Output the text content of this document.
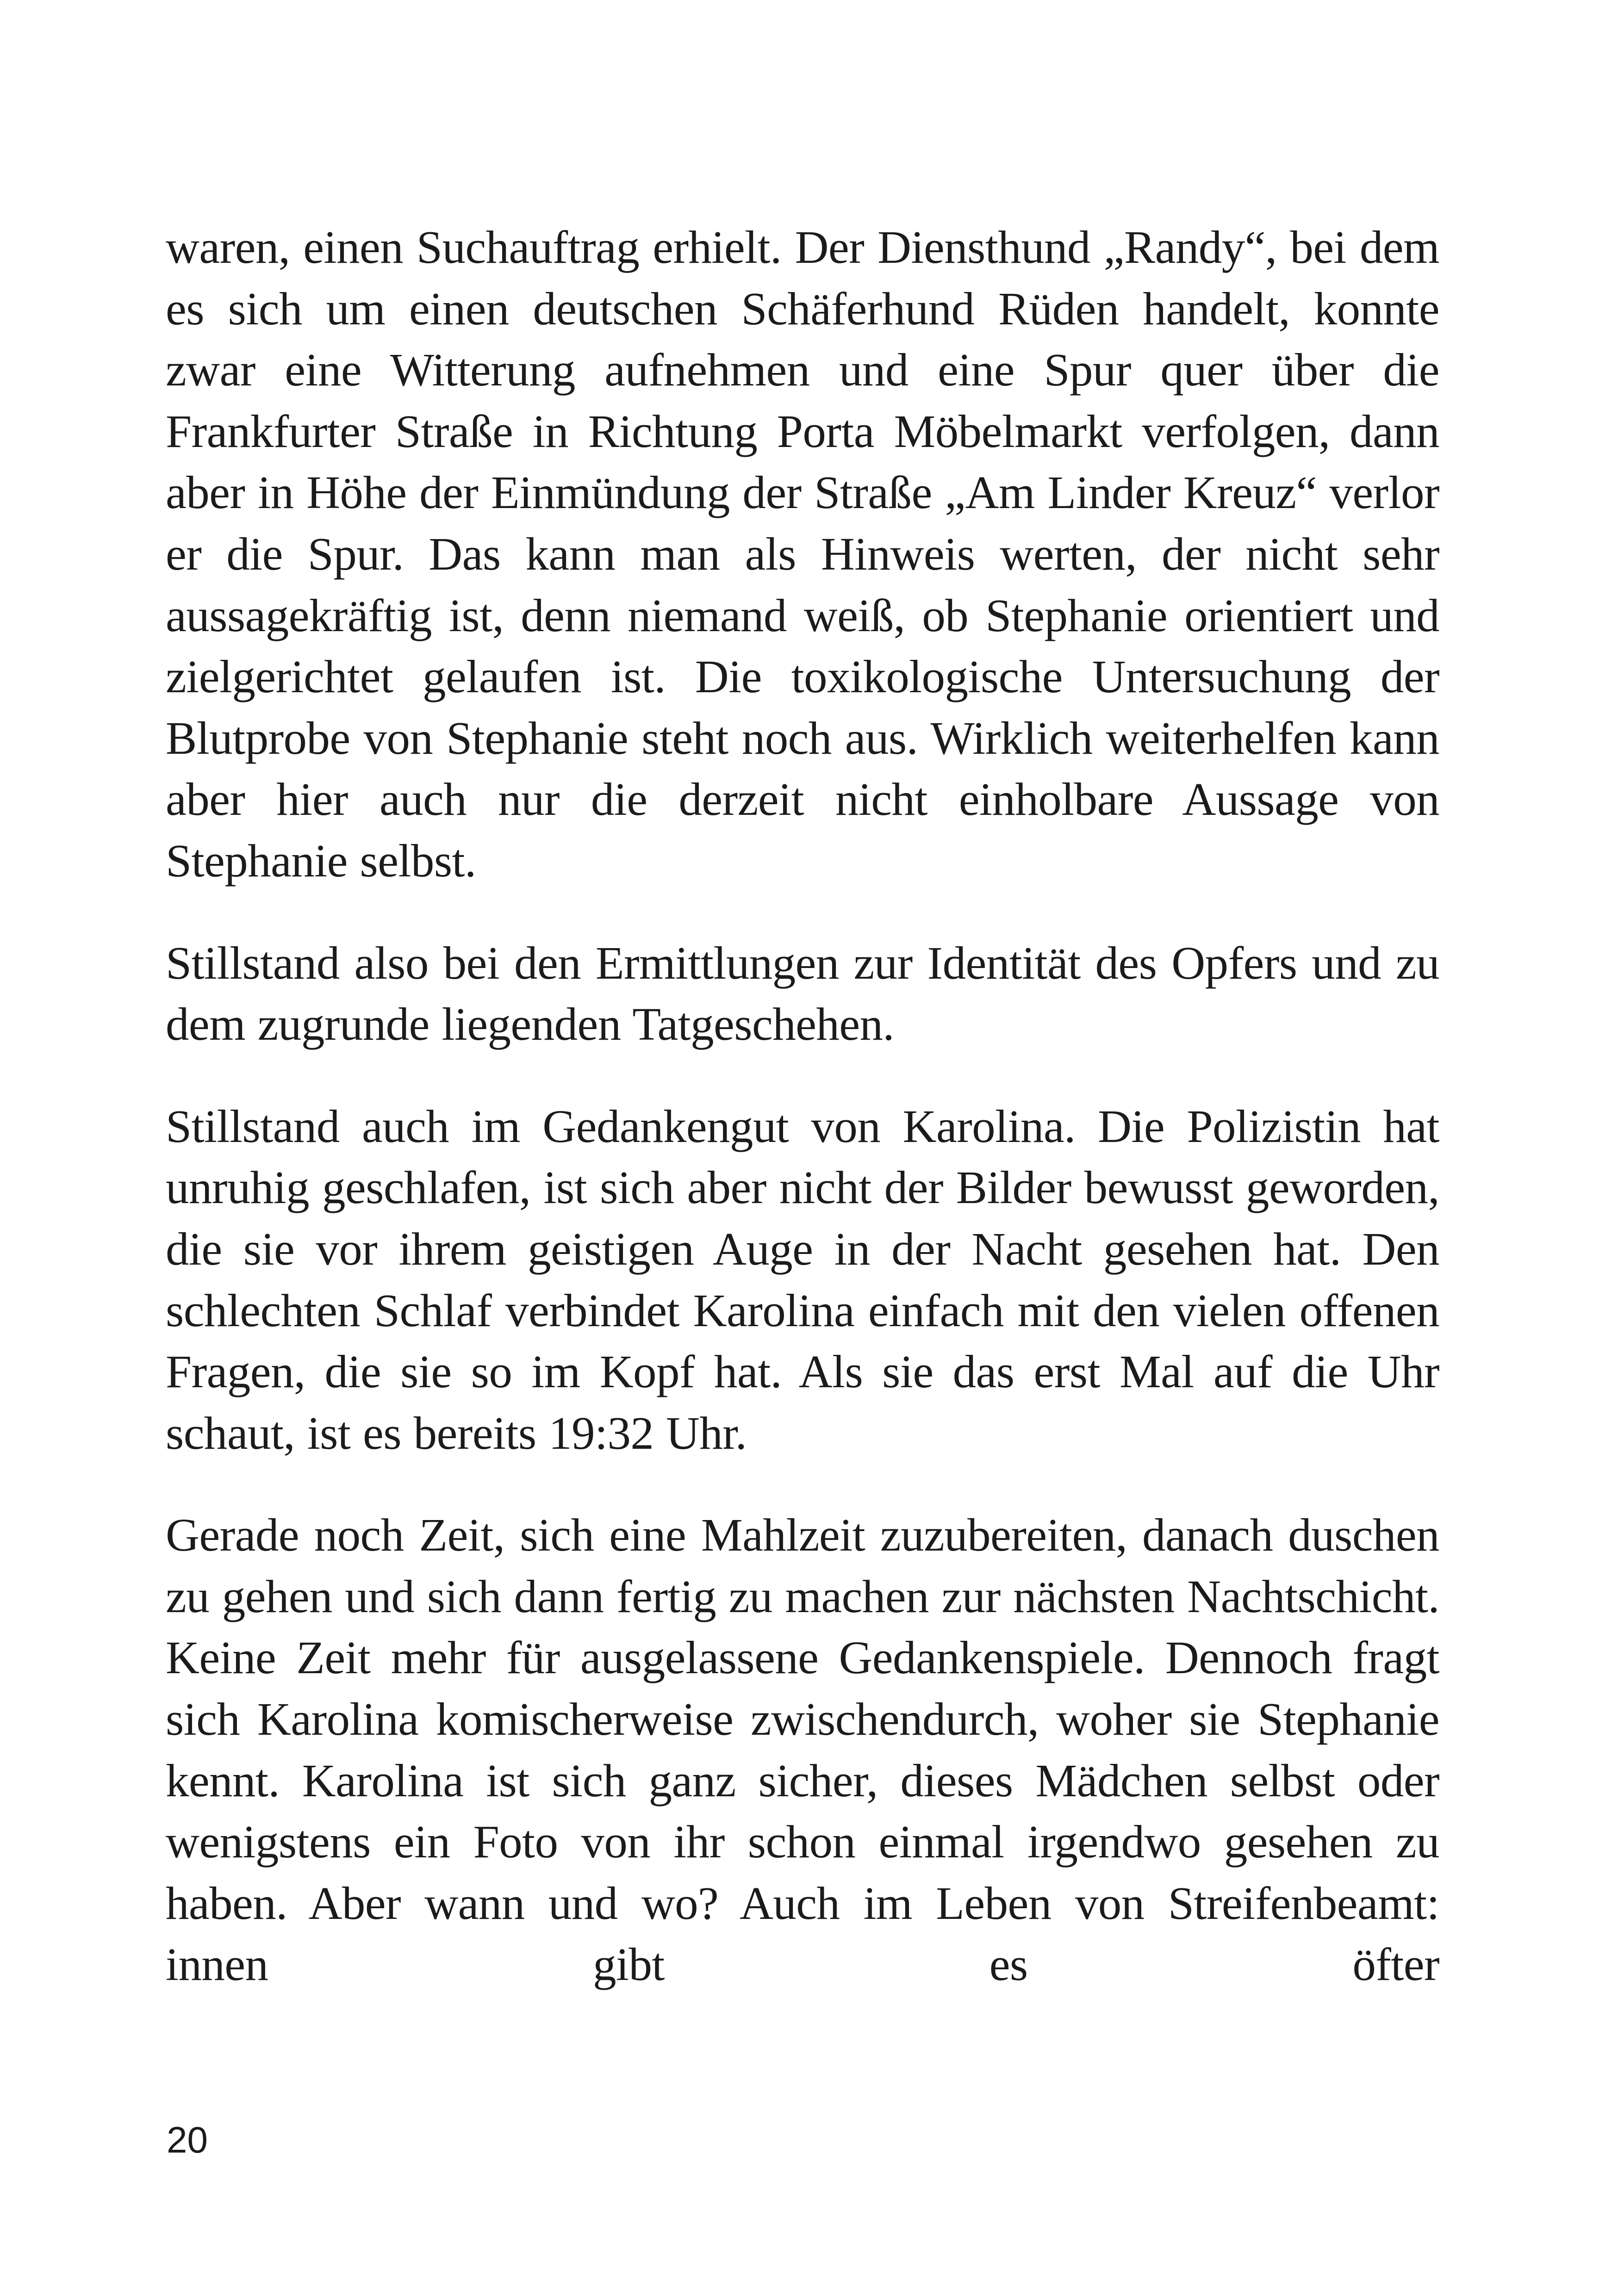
waren, einen Suchauftrag erhielt. Der Diensthund „Randy“, bei dem es sich um einen deutschen Schäferhund Rüden handelt, konnte zwar eine Witterung aufnehmen und eine Spur quer über die Frankfurter Straße in Richtung Porta Möbelmarkt verfolgen, dann aber in Höhe der Einmündung der Straße „Am Linder Kreuz“ verlor er die Spur. Das kann man als Hinweis werten, der nicht sehr aussagekräftig ist, denn niemand weiß, ob Stephanie orientiert und zielgerichtet gelaufen ist. Die toxikologische Untersuchung der Blutprobe von Stephanie steht noch aus. Wirklich weiterhelfen kann aber hier auch nur die derzeit nicht einholbare Aussage von Stephanie selbst.

Stillstand also bei den Ermittlungen zur Identität des Opfers und zu dem zugrunde liegenden Tatgeschehen.

Stillstand auch im Gedankengut von Karolina. Die Polizistin hat unruhig geschlafen, ist sich aber nicht der Bilder bewusst geworden, die sie vor ihrem geistigen Auge in der Nacht gesehen hat. Den schlechten Schlaf verbindet Karolina einfach mit den vielen offenen Fragen, die sie so im Kopf hat. Als sie das erst Mal auf die Uhr schaut, ist es bereits 19:32 Uhr.

Gerade noch Zeit, sich eine Mahlzeit zuzubereiten, danach duschen zu gehen und sich dann fertig zu machen zur nächsten Nachtschicht. Keine Zeit mehr für ausgelassene Gedankenspiele. Dennoch fragt sich Karolina komischerweise zwischendurch, woher sie Stephanie kennt. Karolina ist sich ganz sicher, dieses Mädchen selbst oder wenigstens ein Foto von ihr schon einmal irgendwo gesehen zu haben. Aber wann und wo? Auch im Leben von Streifenbeamt: innen gibt es öfter

20
